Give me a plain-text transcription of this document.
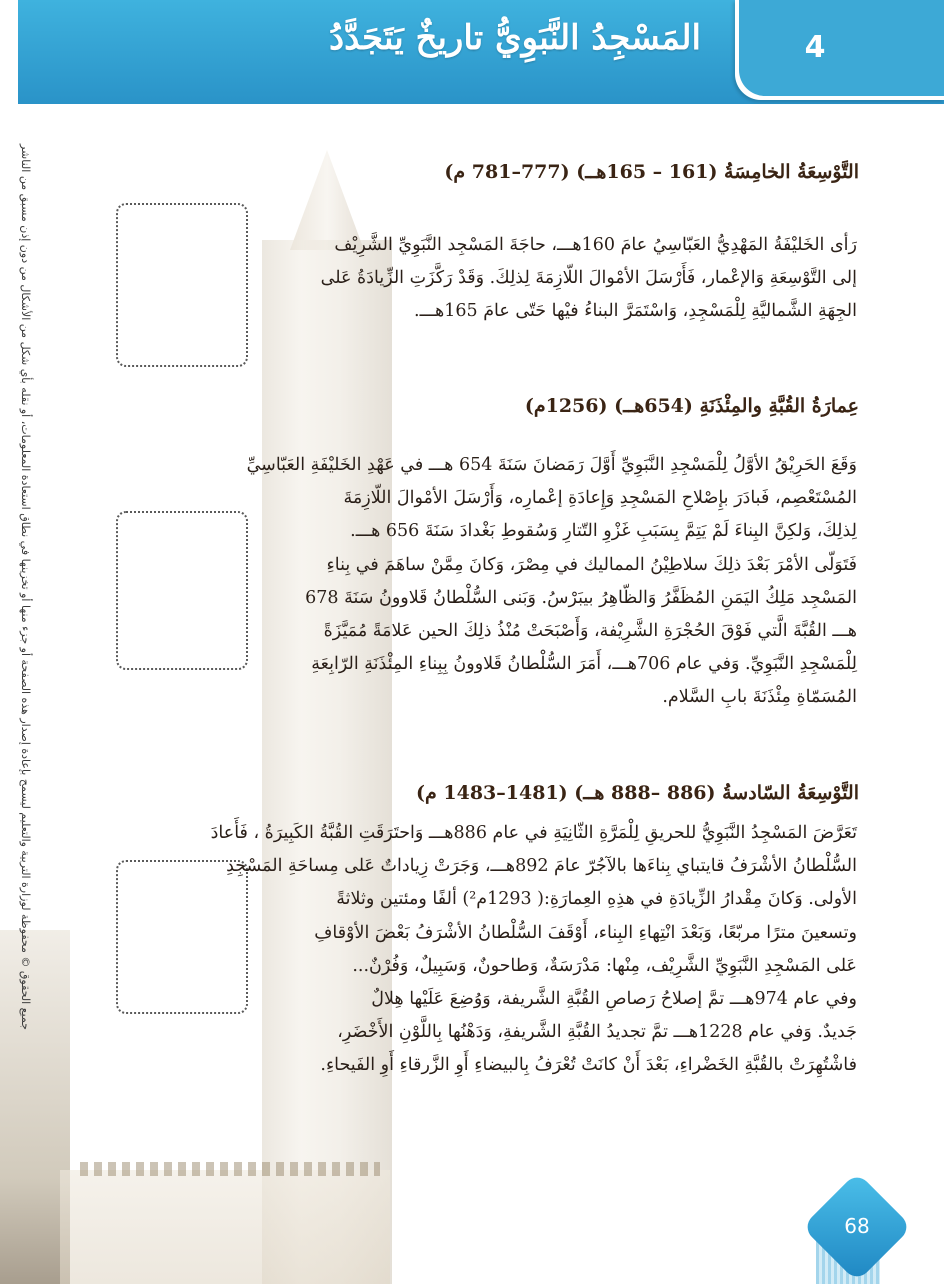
المَسْجِدُ النَّبَوِيُّ تاريخٌ يَتَجَدَّدُ	4
جميع الحقوق © محفوظة لوزارة التربية والتعليم ليسمح بإعادة إصدار هذه الصفحة أو جزء منها أو تخزينها في نطاق استعادة المعلومات، أو نقله بأي شكل من الأشكال من دون إذن مسبق من الناشر	التَّوْسِعَةُ الخامِسَةُ (161 – 165هــ) (777–781 م)
رَأى الخَليْفَةُ المَهْدِيُّ العَبّاسِيُ عامَ 160هـــ، حاجَةَ المَسْجِد النَّبَوِيِّ الشَّرِيْف
إلى التَّوْسِعَةِ وَالإعْمار، فَأَرْسَلَ الأمْوالَ اللّازِمَةَ لِذلِكَ. وَقَدْ رَكَّزَتِ الزِّيادَةُ عَلى
الجِهَةِ الشَّماليَّةِ لِلْمَسْجِدِ، وَاسْتَمَرَّ البناءُ فيْها حَتّى عامَ 165هـــ.
عِمارَةُ القُبَّةِ والمِئْذَنَةِ (654هــ) (1256م)
وَقَعَ الحَرِيْقُ الأوَّلُ لِلْمَسْجِدِ النَّبَوِيِّ أَوَّلَ رَمَضانَ سَنَةَ 654 هـــ في عَهْدِ الخَليْفَةِ العَبّاسِيِّ
المُسْتَعْصِم، فَبادَرَ بإِصْلاحِ المَسْجِدِ وَإِعادَةِ إعْمارِه، وَأَرْسَلَ الأمْوالَ اللّازِمَةَ
لِذلِكَ، وَلكِنَّ البِناءَ لَمْ يَتِمَّ بِسَبَبِ غَزْوِ التّتارِ وَسُقوطِ بَغْدادَ سَنَةَ 656 هـــ.
فَتَوَلّى الأمْرَ بَعْدَ ذلِكَ سلاطِيْنُ المماليك في مِصْرَ، وَكانَ مِمَّنْ ساهَمَ في بِناءِ
المَسْجِد مَلِكُ اليَمَنِ المُظَفَّرُ وَالظّاهِرُ بيبَرْسُ. وَبَنى السُّلْطانُ قَلاوونُ سَنَةَ 678
هـــ القُبَّةَ الَّتي فَوْقَ الحُجْرَةِ الشَّرِيْفة، وَأَصْبَحَتْ مُنْذُ ذلِكَ الحين عَلامَةً مُمَيَّزَةً
لِلْمَسْجِدِ النَّبَوِيِّ. وَفي عام 706هـــ، أَمَرَ السُّلْطانُ قَلاوونُ بِبِناءِ المِئْذَنَةِ الرّابِعَةِ
المُسَمّاةِ مِئْذَنَةَ بابِ السَّلام.
التَّوْسِعَةُ السّادسةُ (886 –888 هــ) (1481–1483 م)
تَعَرَّضَ المَسْجِدُ النَّبَوِيُّ للحريقِ لِلْمَرَّةِ الثّانِيَةِ في عام 886هـــ وَاحتَرَقَتِ القُبَّةُ الكَبِيرَةُ ، فَأَعادَ
السُّلْطانُ الأشْرَفُ قايتباي بِناءَها بالآجُرّ عامَ 892هـــ، وَجَرَتْ زِياداتٌ عَلى مِساحَةِ المَسْجِدِ
الأولى. وَكانَ مِقْدارُ الزِّيادَةِ في هذِهِ العِمارَةِ:( 1293م²) ألفًا ومئتين وثلاثةً
وتسعينَ مترًا مربّعًا، وَبَعْدَ انْتِهاءِ البِناء، أَوْقَفَ السُّلْطانُ الأشْرَفُ بَعْضَ الأوْقافِ
عَلى المَسْجِدِ النَّبَوِيِّ الشَّرِيْف، مِنْها: مَدْرَسَةٌ، وَطاحونٌ، وَسَبِيلٌ، وَفُرْنٌ...
وفي عام 974هـــ تمَّ إصلاحُ رَصاصِ القُبَّةِ الشَّريفة، وَوُضِعَ عَلَيْها هِلالٌ
جَديدٌ. وَفي عام 1228هـــ تمَّ تجديدُ القُبَّةِ الشَّريفةِ، وَدَهْنُها بِاللَّوْنِ الأَخْضَرِ،
فاشْتُهِرَتْ بالقُبَّةِ الخَضْراءِ، بَعْدَ أَنْ كانَتْ تُعْرَفُ بِالبيضاءِ أَوِ الزَّرقاءِ أَوِ الفَيحاءِ.
68
